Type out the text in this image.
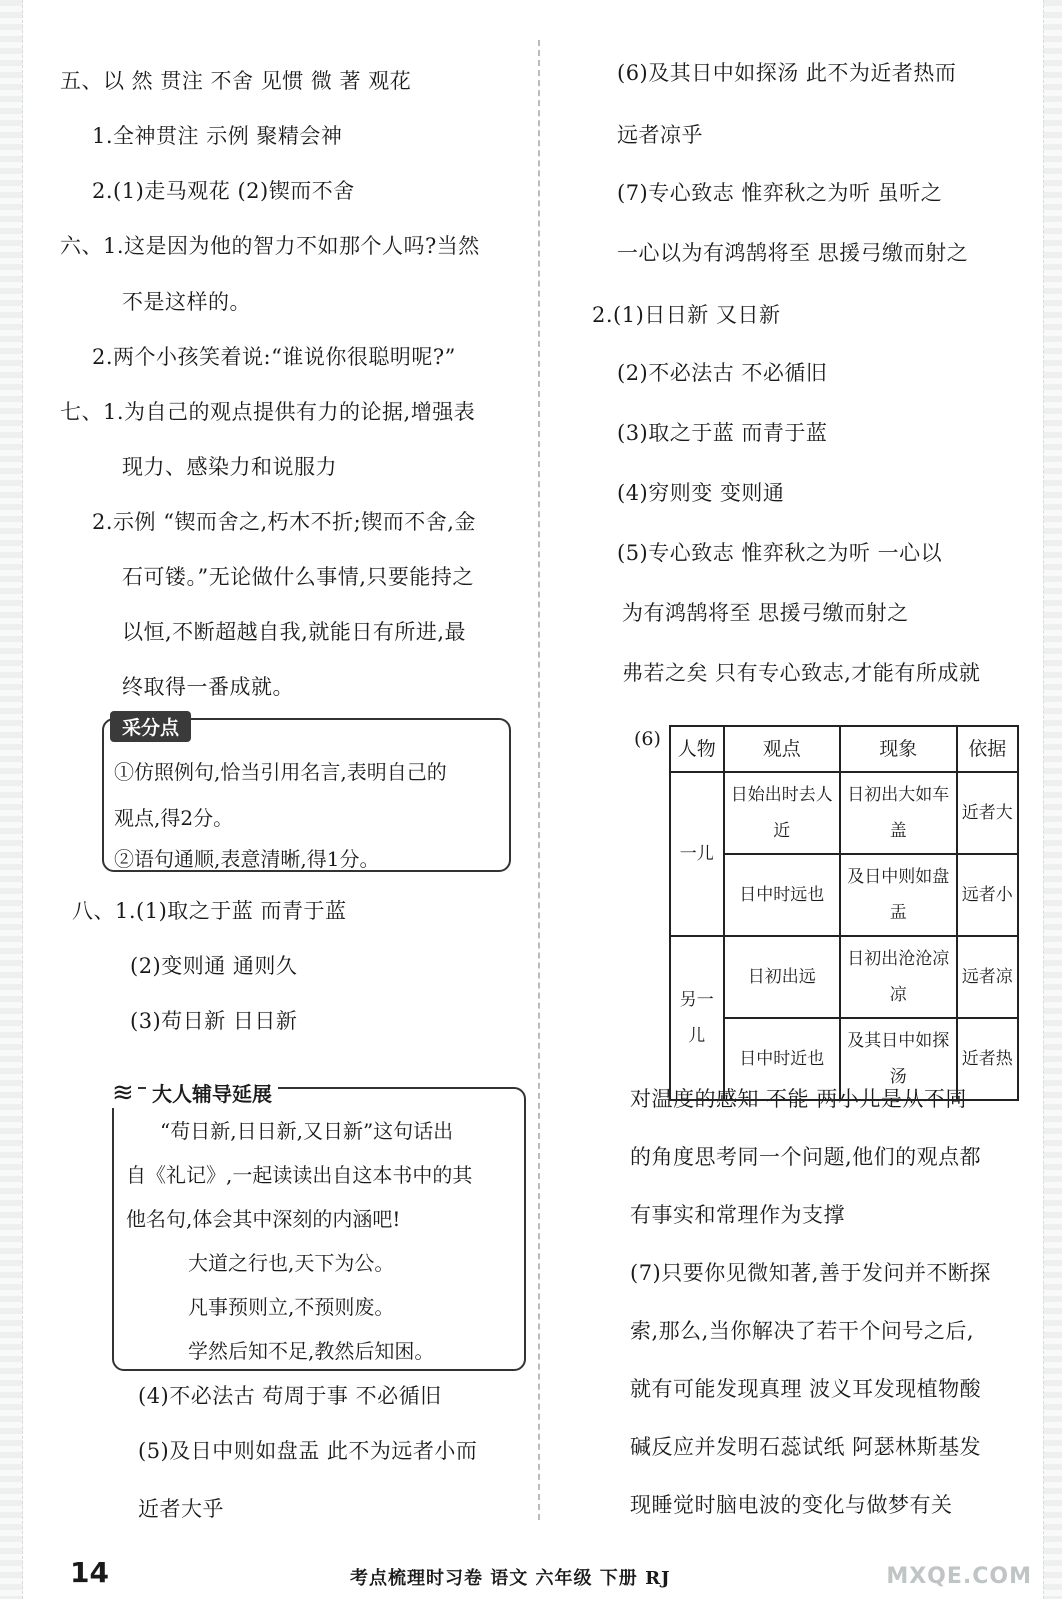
五、以 然 贯注 不舍 见惯 微 著 观花
1.全神贯注 示例 聚精会神
2.(1)走马观花 (2)锲而不舍
六、1.这是因为他的智力不如那个人吗?当然
不是这样的。
2.两个小孩笑着说:“谁说你很聪明呢?”
七、1.为自己的观点提供有力的论据,增强表
现力、感染力和说服力
2.示例 “锲而舍之,朽木不折;锲而不舍,金
石可镂。”无论做什么事情,只要能持之
以恒,不断超越自我,就能日有所进,最
终取得一番成就。
八、1.(1)取之于蓝 而青于蓝
(2)变则通 通则久
(3)苟日新 日日新
(4)不必法古 苟周于事 不必循旧
(5)及日中则如盘盂 此不为远者小而
近者大乎
(6)及其日中如探汤 此不为近者热而
远者凉乎
(7)专心致志 惟弈秋之为听 虽听之
一心以为有鸿鹄将至 思援弓缴而射之
2.(1)日日新 又日新
(2)不必法古 不必循旧
(3)取之于蓝 而青于蓝
(4)穷则变 变则通
(5)专心致志 惟弈秋之为听 一心以
为有鸿鹄将至 思援弓缴而射之
弗若之矣 只有专心致志,才能有所成就
对温度的感知 不能 两小儿是从不同
的角度思考同一个问题,他们的观点都
有事实和常理作为支撑
(7)只要你见微知著,善于发问并不断探
索,那么,当你解决了若干个问号之后,
就有可能发现真理 波义耳发现植物酸
碱反应并发明石蕊试纸 阿瑟林斯基发
现睡觉时脑电波的变化与做梦有关
采分点
①仿照例句,恰当引用名言,表明自己的
观点,得2分。
②语句通顺,表意清晰,得1分。
≋ 大人辅导延展
“苟日新,日日新,又日新”这句话出
自《礼记》,一起读读出自这本书中的其
他名句,体会其中深刻的内涵吧!
大道之行也,天下为公。
凡事预则立,不预则废。
学然后知不足,教然后知困。
(6) 人物	观点	现象	依据
一儿	日始出时去人近	日初出大如车盖	近者大
	日中时远也	及日中则如盘盂	远者小
另一儿	日初出远	日初出沧沧凉凉	远者凉
	日中时近也	及其日中如探汤	近者热
14	考点梳理时习卷 语文 六年级 下册 RJ	MXQE.COM
